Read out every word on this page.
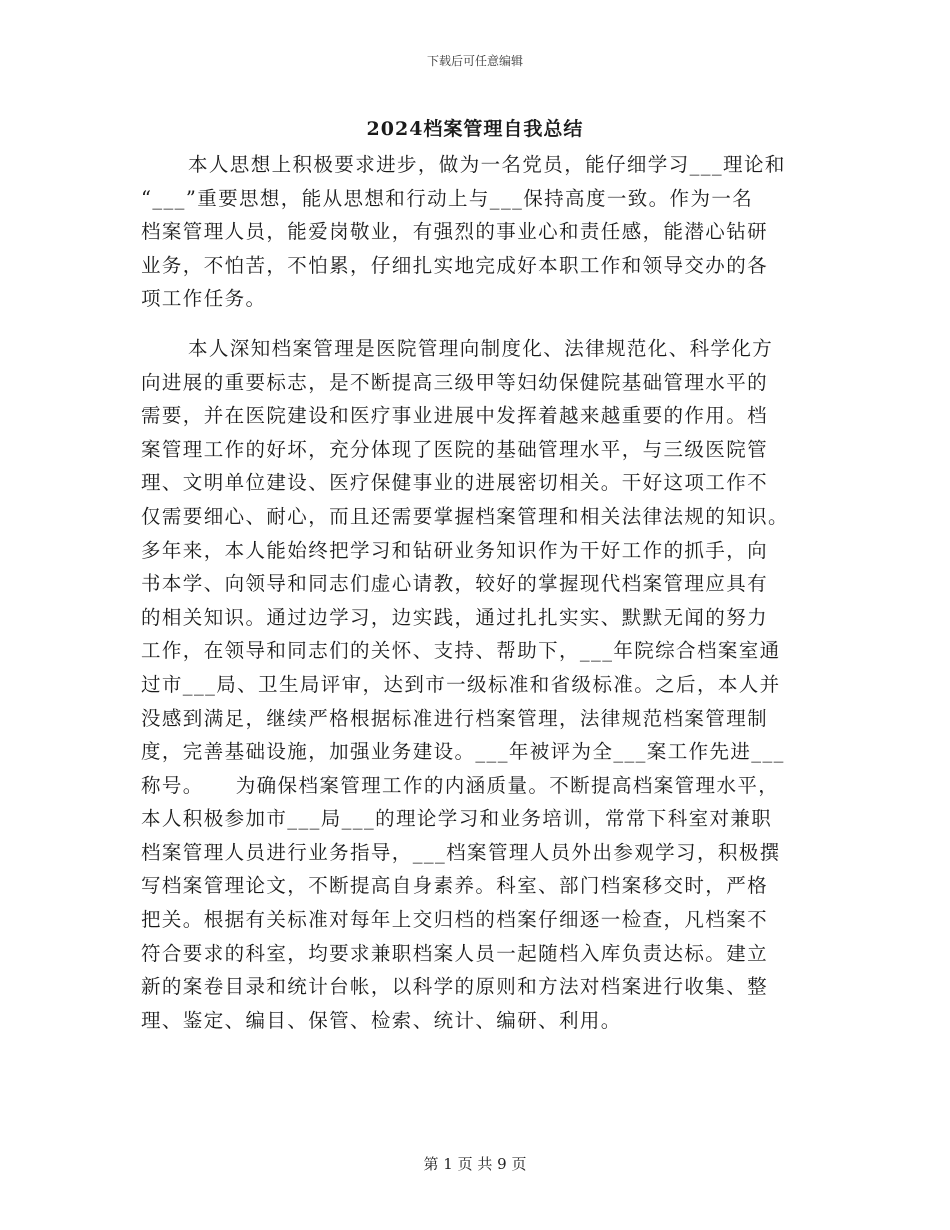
下载后可任意编辑
2024档案管理自我总结
本人思想上积极要求进步，做为一名党员，能仔细学习___理论和
“___”重要思想，能从思想和行动上与___保持高度一致。作为一名
档案管理人员，能爱岗敬业，有强烈的事业心和责任感，能潜心钻研
业务，不怕苦，不怕累，仔细扎实地完成好本职工作和领导交办的各
项工作任务。
本人深知档案管理是医院管理向制度化、法律规范化、科学化方
向进展的重要标志，是不断提高三级甲等妇幼保健院基础管理水平的
需要，并在医院建设和医疗事业进展中发挥着越来越重要的作用。档
案管理工作的好坏，充分体现了医院的基础管理水平，与三级医院管
理、文明单位建设、医疗保健事业的进展密切相关。干好这项工作不
仅需要细心、耐心，而且还需要掌握档案管理和相关法律法规的知识。
多年来，本人能始终把学习和钻研业务知识作为干好工作的抓手，向
书本学、向领导和同志们虚心请教，较好的掌握现代档案管理应具有
的相关知识。通过边学习，边实践，通过扎扎实实、默默无闻的努力
工作，在领导和同志们的关怀、支持、帮助下，___年院综合档案室通
过市___局、卫生局评审，达到市一级标准和省级标准。之后，本人并
没感到满足，继续严格根据标准进行档案管理，法律规范档案管理制
度，完善基础设施，加强业务建设。___年被评为全___案工作先进___
称号。　　为确保档案管理工作的内涵质量。不断提高档案管理水平，
本人积极参加市___局___的理论学习和业务培训，常常下科室对兼职
档案管理人员进行业务指导，___档案管理人员外出参观学习，积极撰
写档案管理论文，不断提高自身素养。科室、部门档案移交时，严格
把关。根据有关标准对每年上交归档的档案仔细逐一检查，凡档案不
符合要求的科室，均要求兼职档案人员一起随档入库负责达标。建立
新的案卷目录和统计台帐，以科学的原则和方法对档案进行收集、整
理、鉴定、编目、保管、检索、统计、编研、利用。
第 1 页 共 9 页
